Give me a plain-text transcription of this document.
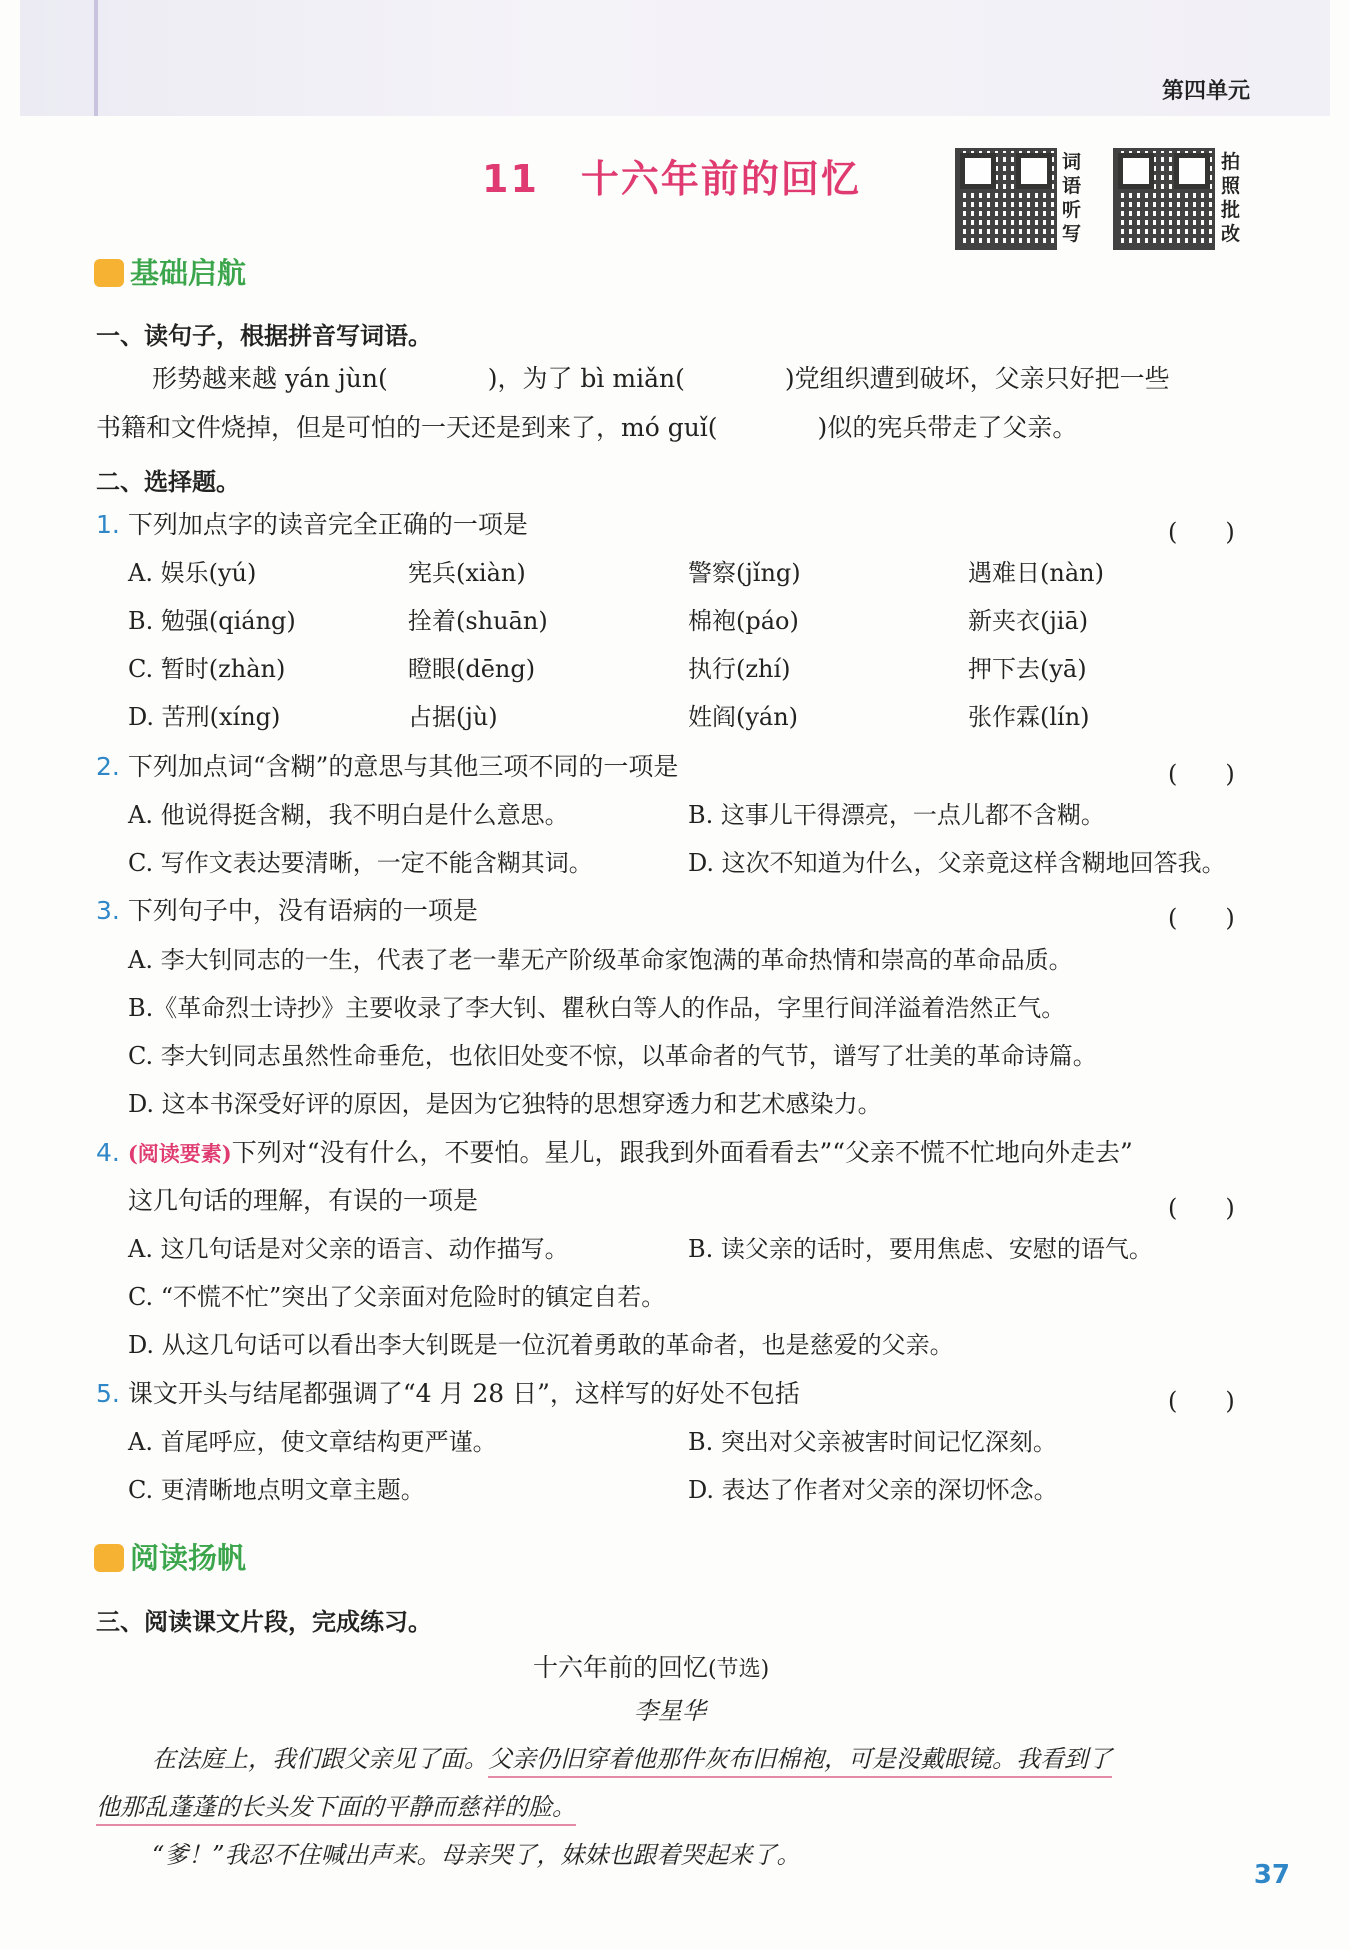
第四单元
11 十六年前的回忆	词语听写
拍照批改
基础启航
一、读句子，根据拼音写词语。
形势越来越 yán jùn(　　　　)，为了 bì miǎn(　　　　)党组织遭到破坏，父亲只好把一些
书籍和文件烧掉，但是可怕的一天还是到来了，mó guǐ(　　　　)似的宪兵带走了父亲。
二、选择题。
1. 下列加点字的读音完全正确的一项是	(　　)
A. 娱乐(yú)	宪兵(xiàn)	警察(jǐng)	遇难日(nàn)
B. 勉强(qiáng)	拴着(shuān)	棉袍(páo)	新夹衣(jiā)
C. 暂时(zhàn)	瞪眼(dēng)	执行(zhí)	押下去(yā)
D. 苦刑(xíng)	占据(jù)	姓阎(yán)	张作霖(lín)
2. 下列加点词“含糊”的意思与其他三项不同的一项是	(　　)
A. 他说得挺含糊，我不明白是什么意思。	B. 这事儿干得漂亮，一点儿都不含糊。
C. 写作文表达要清晰，一定不能含糊其词。	D. 这次不知道为什么，父亲竟这样含糊地回答我。
3. 下列句子中，没有语病的一项是	(　　)
A. 李大钊同志的一生，代表了老一辈无产阶级革命家饱满的革命热情和崇高的革命品质。
B.《革命烈士诗抄》主要收录了李大钊、瞿秋白等人的作品，字里行间洋溢着浩然正气。
C. 李大钊同志虽然性命垂危，也依旧处变不惊，以革命者的气节，谱写了壮美的革命诗篇。
D. 这本书深受好评的原因，是因为它独特的思想穿透力和艺术感染力。
4. (阅读要素)下列对“没有什么，不要怕。星儿，跟我到外面看看去”“父亲不慌不忙地向外走去”
这几句话的理解，有误的一项是	(　　)
A. 这几句话是对父亲的语言、动作描写。	B. 读父亲的话时，要用焦虑、安慰的语气。
C. “不慌不忙”突出了父亲面对危险时的镇定自若。
D. 从这几句话可以看出李大钊既是一位沉着勇敢的革命者，也是慈爱的父亲。
5. 课文开头与结尾都强调了“4 月 28 日”，这样写的好处不包括	(　　)
A. 首尾呼应，使文章结构更严谨。	B. 突出对父亲被害时间记忆深刻。
C. 更清晰地点明文章主题。	D. 表达了作者对父亲的深切怀念。
阅读扬帆
三、阅读课文片段，完成练习。
十六年前的回忆(节选)
李星华
在法庭上，我们跟父亲见了面。父亲仍旧穿着他那件灰布旧棉袍，可是没戴眼镜。我看到了
他那乱蓬蓬的长头发下面的平静而慈祥的脸。
“爹！”我忍不住喊出声来。母亲哭了，妹妹也跟着哭起来了。
37
